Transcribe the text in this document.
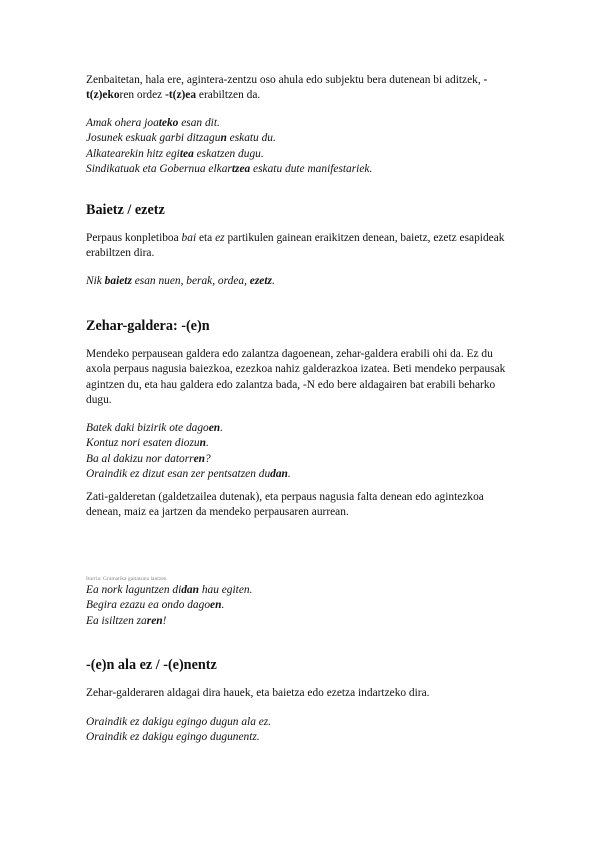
Zenbaitetan, hala ere, agintera-zentzu oso ahula edo subjektu bera dutenean bi aditzek, -t(z)ekoren ordez -t(z)ea erabiltzen da.

Amak ohera joateko esan dit.

Josunek eskuak garbi ditzagun eskatu du.

Alkatearekin hitz egitea eskatzen dugu.

Sindikatuak eta Gobernua elkartzea eskatu dute manifestariek.

Baietz / ezetz

Perpaus konpletiboa bai eta ez partikulen gainean eraikitzen denean, baietz, ezetz esapideak erabiltzen dira.

Nik baietz esan nuen, berak, ordea, ezetz.

Zehar-galdera: -(e)n

Mendeko perpausean galdera edo zalantza dagoenean, zehar-galdera erabili ohi da. Ez du axola perpaus nagusia baiezkoa, ezezkoa nahiz galderazkoa izatea. Beti mendeko perpausak agintzen du, eta hau galdera edo zalantza bada, -N edo bere aldagairen bat erabili beharko dugu.

Batek daki bizirik ote dagoen.

Kontuz nori esaten diozun.

Ba al dakizu nor datorren?

Oraindik ez dizut esan zer pentsatzen dudan.

Zati-galderetan (galdetzailea dutenak), eta perpaus nagusia falta denean edo agintezkoa denean, maiz ea jartzen da mendeko perpausaren aurrean.

Iturria: Gramatika gaitasuna lantzen

Ea nork laguntzen didan hau egiten.

Begira ezazu ea ondo dagoen.

Ea isiltzen zaren!

-(e)n ala ez / -(e)nentz

Zehar-galderaren aldagai dira hauek, eta baietza edo ezetza indartzeko dira.

Oraindik ez dakigu egingo dugun ala ez.

Oraindik ez dakigu egingo dugunentz.
